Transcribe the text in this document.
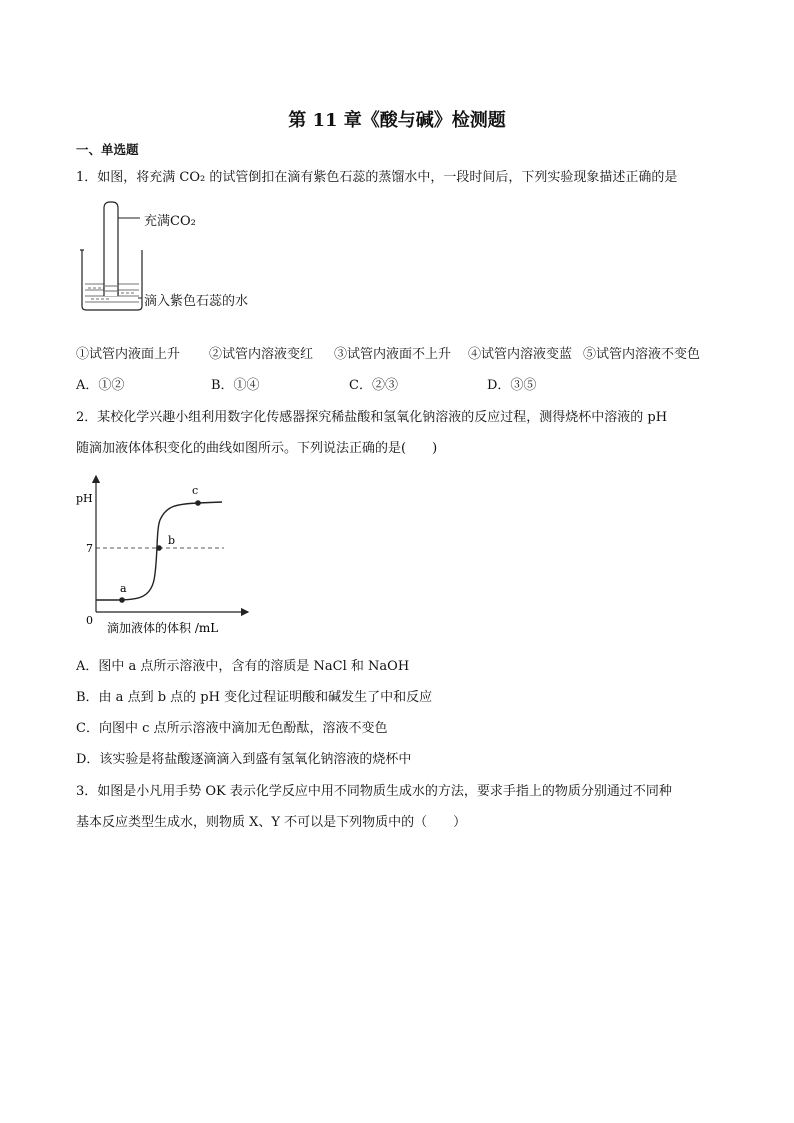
第 11 章《酸与碱》检测题
一、单选题
1．如图，将充满 CO₂ 的试管倒扣在滴有紫色石蕊的蒸馏水中，一段时间后，下列实验现象描述正确的是
充满CO₂
滴入紫色石蕊的水
①试管内液面上升 ②试管内溶液变红 ③试管内液面不上升 ④试管内溶液变蓝 ⑤试管内溶液不变色
A．①②	B．①④	C．②③	D．③⑤
2．某校化学兴趣小组利用数字化传感器探究稀盐酸和氢氧化钠溶液的反应过程，测得烧杯中溶液的 pH
随滴加液体体积变化的曲线如图所示。下列说法正确的是(　　)
pH
7
0
a
b
c
滴加液体的体积 /mL
A．图中 a 点所示溶液中，含有的溶质是 NaCl 和 NaOH
B．由 a 点到 b 点的 pH 变化过程证明酸和碱发生了中和反应
C．向图中 c 点所示溶液中滴加无色酚酞，溶液不变色
D．该实验是将盐酸逐滴滴入到盛有氢氧化钠溶液的烧杯中
3．如图是小凡用手势 OK 表示化学反应中用不同物质生成水的方法，要求手指上的物质分别通过不同种
基本反应类型生成水，则物质 X、Y 不可以是下列物质中的（　　）
